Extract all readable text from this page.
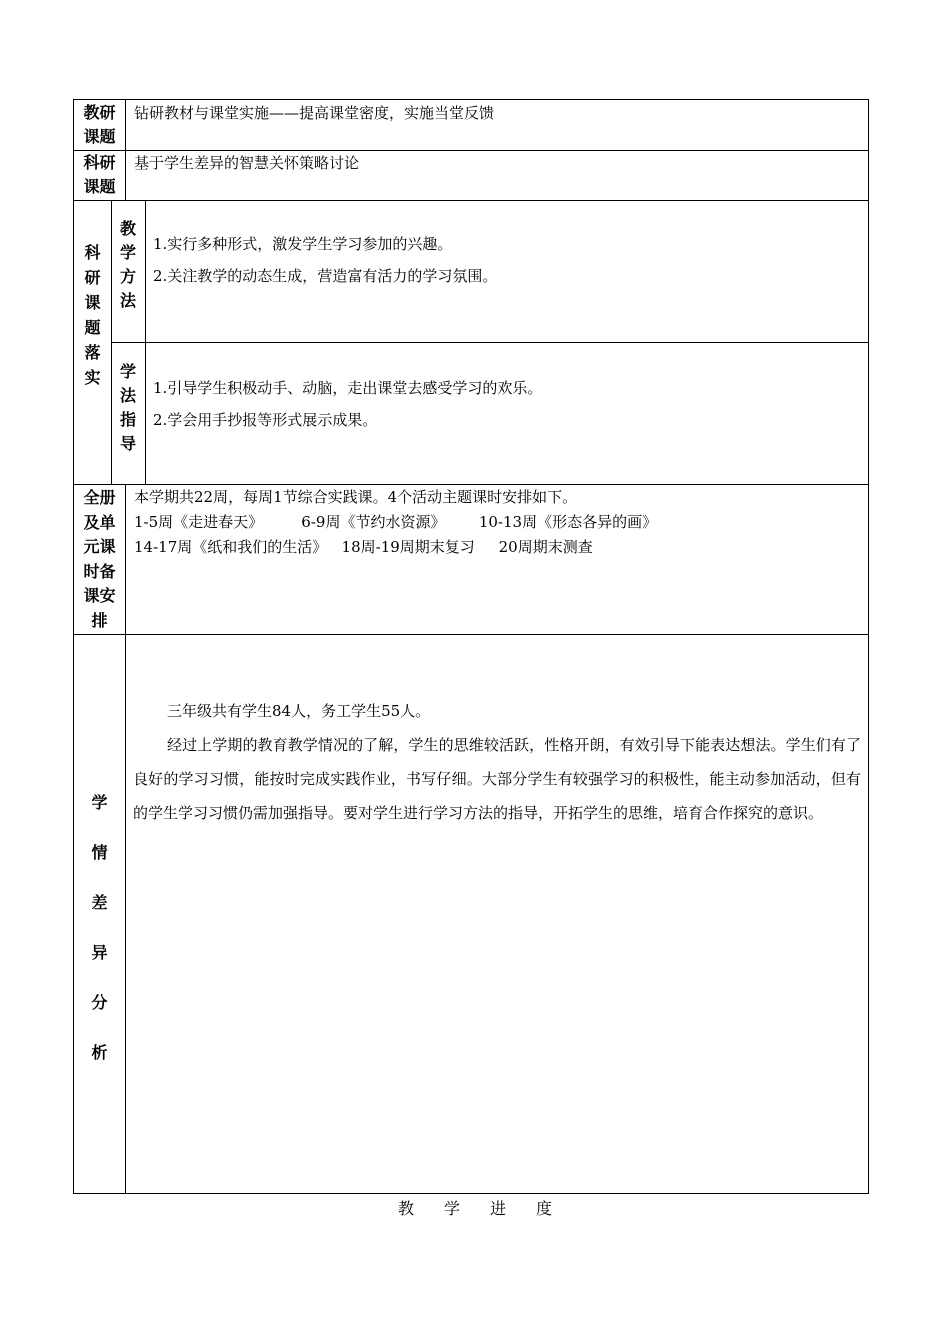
教研课题
钻研教材与课堂实施——提高课堂密度，实施当堂反馈
科研课题
基于学生差异的智慧关怀策略讨论
科
研
课
题
落
实
教
学
方
法
1.实行多种形式，激发学生学习参加的兴趣。
2.关注教学的动态生成，营造富有活力的学习氛围。
学
法
指
导
1.引导学生积极动手、动脑，走出课堂去感受学习的欢乐。
2.学会用手抄报等形式展示成果。
全册及单元课时备课安排
本学期共22周，每周1节综合实践课。4个活动主题课时安排如下。
1-5周《走进春天》        6-9周《节约水资源》       10-13周《形态各异的画》
14-17周《纸和我们的生活》   18周-19周期末复习     20周期末测查
学
情
差
异
分
析
三年级共有学生84人，务工学生55人。
经过上学期的教育教学情况的了解，学生的思维较活跃，性格开朗，有效引导下能表达想法。学生们有了良好的学习习惯，能按时完成实践作业，书写仔细。大部分学生有较强学习的积极性，能主动参加活动，但有的学生学习习惯仍需加强指导。要对学生进行学习方法的指导，开拓学生的思维，培育合作探究的意识。
教学进度
